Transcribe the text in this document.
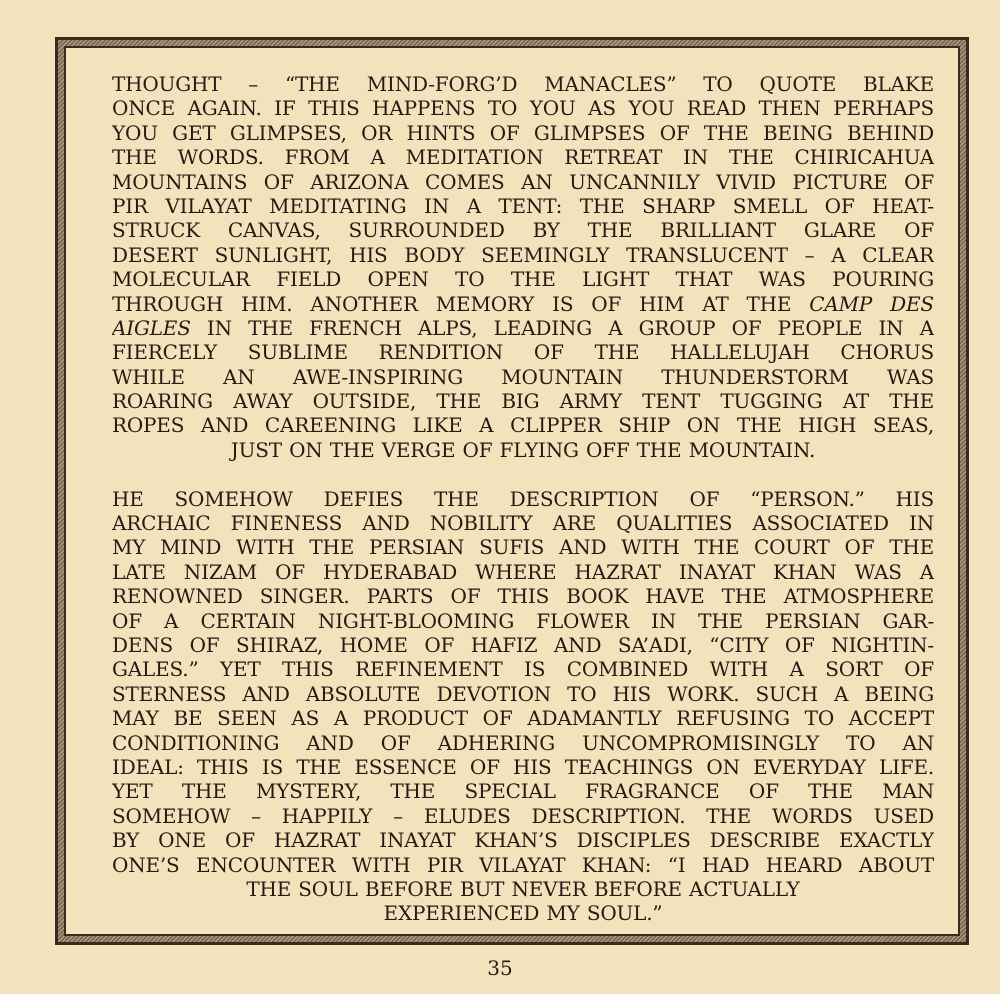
THOUGHT – “THE MIND-FORG’D MANACLES” TO QUOTE BLAKE
ONCE AGAIN. IF THIS HAPPENS TO YOU AS YOU READ THEN PERHAPS
YOU GET GLIMPSES, OR HINTS OF GLIMPSES OF THE BEING BEHIND
THE WORDS. FROM A MEDITATION RETREAT IN THE CHIRICAHUA
MOUNTAINS OF ARIZONA COMES AN UNCANNILY VIVID PICTURE OF
PIR VILAYAT MEDITATING IN A TENT: THE SHARP SMELL OF HEAT-
STRUCK CANVAS, SURROUNDED BY THE BRILLIANT GLARE OF
DESERT SUNLIGHT, HIS BODY SEEMINGLY TRANSLUCENT – A CLEAR
MOLECULAR FIELD OPEN TO THE LIGHT THAT WAS POURING
THROUGH HIM. ANOTHER MEMORY IS OF HIM AT THE CAMP DES
AIGLES IN THE FRENCH ALPS, LEADING A GROUP OF PEOPLE IN A
FIERCELY SUBLIME RENDITION OF THE HALLELUJAH CHORUS
WHILE AN AWE-INSPIRING MOUNTAIN THUNDERSTORM WAS
ROARING AWAY OUTSIDE, THE BIG ARMY TENT TUGGING AT THE
ROPES AND CAREENING LIKE A CLIPPER SHIP ON THE HIGH SEAS,
JUST ON THE VERGE OF FLYING OFF THE MOUNTAIN.
HE SOMEHOW DEFIES THE DESCRIPTION OF “PERSON.” HIS
ARCHAIC FINENESS AND NOBILITY ARE QUALITIES ASSOCIATED IN
MY MIND WITH THE PERSIAN SUFIS AND WITH THE COURT OF THE
LATE NIZAM OF HYDERABAD WHERE HAZRAT INAYAT KHAN WAS A
RENOWNED SINGER. PARTS OF THIS BOOK HAVE THE ATMOSPHERE
OF A CERTAIN NIGHT-BLOOMING FLOWER IN THE PERSIAN GAR-
DENS OF SHIRAZ, HOME OF HAFIZ AND SA’ADI, “CITY OF NIGHTIN-
GALES.” YET THIS REFINEMENT IS COMBINED WITH A SORT OF
STERNESS AND ABSOLUTE DEVOTION TO HIS WORK. SUCH A BEING
MAY BE SEEN AS A PRODUCT OF ADAMANTLY REFUSING TO ACCEPT
CONDITIONING AND OF ADHERING UNCOMPROMISINGLY TO AN
IDEAL: THIS IS THE ESSENCE OF HIS TEACHINGS ON EVERYDAY LIFE.
YET THE MYSTERY, THE SPECIAL FRAGRANCE OF THE MAN
SOMEHOW – HAPPILY – ELUDES DESCRIPTION. THE WORDS USED
BY ONE OF HAZRAT INAYAT KHAN’S DISCIPLES DESCRIBE EXACTLY
ONE’S ENCOUNTER WITH PIR VILAYAT KHAN: “I HAD HEARD ABOUT
THE SOUL BEFORE BUT NEVER BEFORE ACTUALLY
EXPERIENCED MY SOUL.”
35
